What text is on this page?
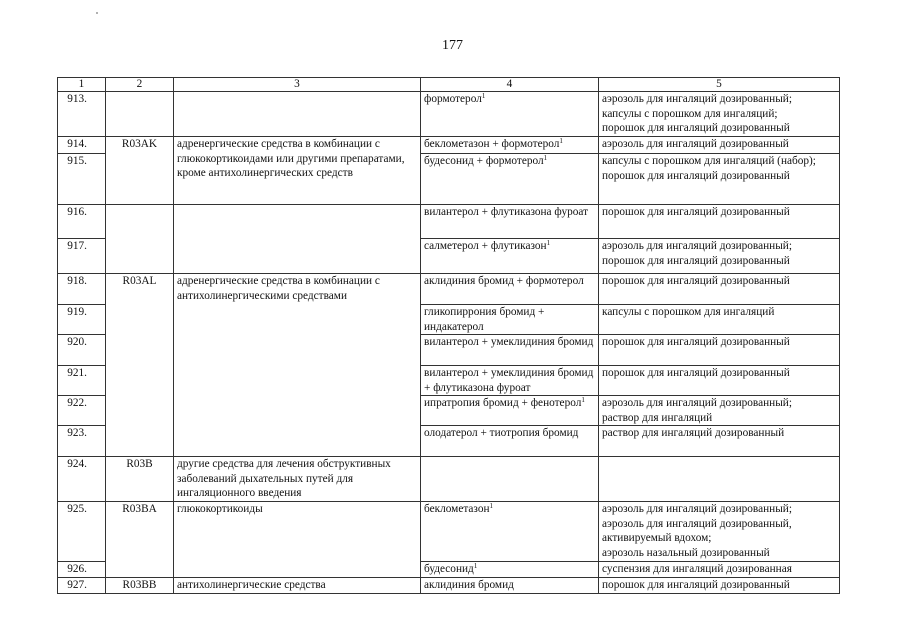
177
1	2	3	4	5
913.			формотерол$^1$	аэрозоль для ингаляций дозированный;
капсулы с порошком для ингаляций;
порошок для ингаляций дозированный
914.	R03AK	адренергические средства в комбинации с глюкокортикоидами или другими препаратами, кроме антихолинергических средств	беклометазон + формотерол$^1$	аэрозоль для ингаляций дозированный
915.			будесонид + формотерол$^1$	капсулы с порошком для ингаляций (набор);
порошок для ингаляций дозированный
916.			вилантерол + флутиказона фуроат	порошок для ингаляций дозированный
917.			салметерол + флутиказон$^1$	аэрозоль для ингаляций дозированный;
порошок для ингаляций дозированный
918.	R03AL	адренергические средства в комбинации с антихолинергическими средствами	аклидиния бромид + формотерол	порошок для ингаляций дозированный
919.			гликопиррония бромид + индакатерол	капсулы с порошком для ингаляций
920.			вилантерол + умеклидиния бромид	порошок для ингаляций дозированный
921.			вилантерол + умеклидиния бромид + флутиказона фуроат	порошок для ингаляций дозированный
922.			ипратропия бромид + фенотерол$^1$	аэрозоль для ингаляций дозированный;
раствор для ингаляций
923.			олодатерол + тиотропия бромид	раствор для ингаляций дозированный
924.	R03B	другие средства для лечения обструктивных заболеваний дыхательных путей для ингаляционного введения		
925.	R03BA	глюкокортикоиды	беклометазон$^1$	аэрозоль для ингаляций дозированный;
аэрозоль для ингаляций дозированный, активируемый вдохом;
аэрозоль назальный дозированный
926.			будесонид$^1$	суспензия для ингаляций дозированная
927.	R03BB	антихолинергические средства	аклидиния бромид	порошок для ингаляций дозированный
